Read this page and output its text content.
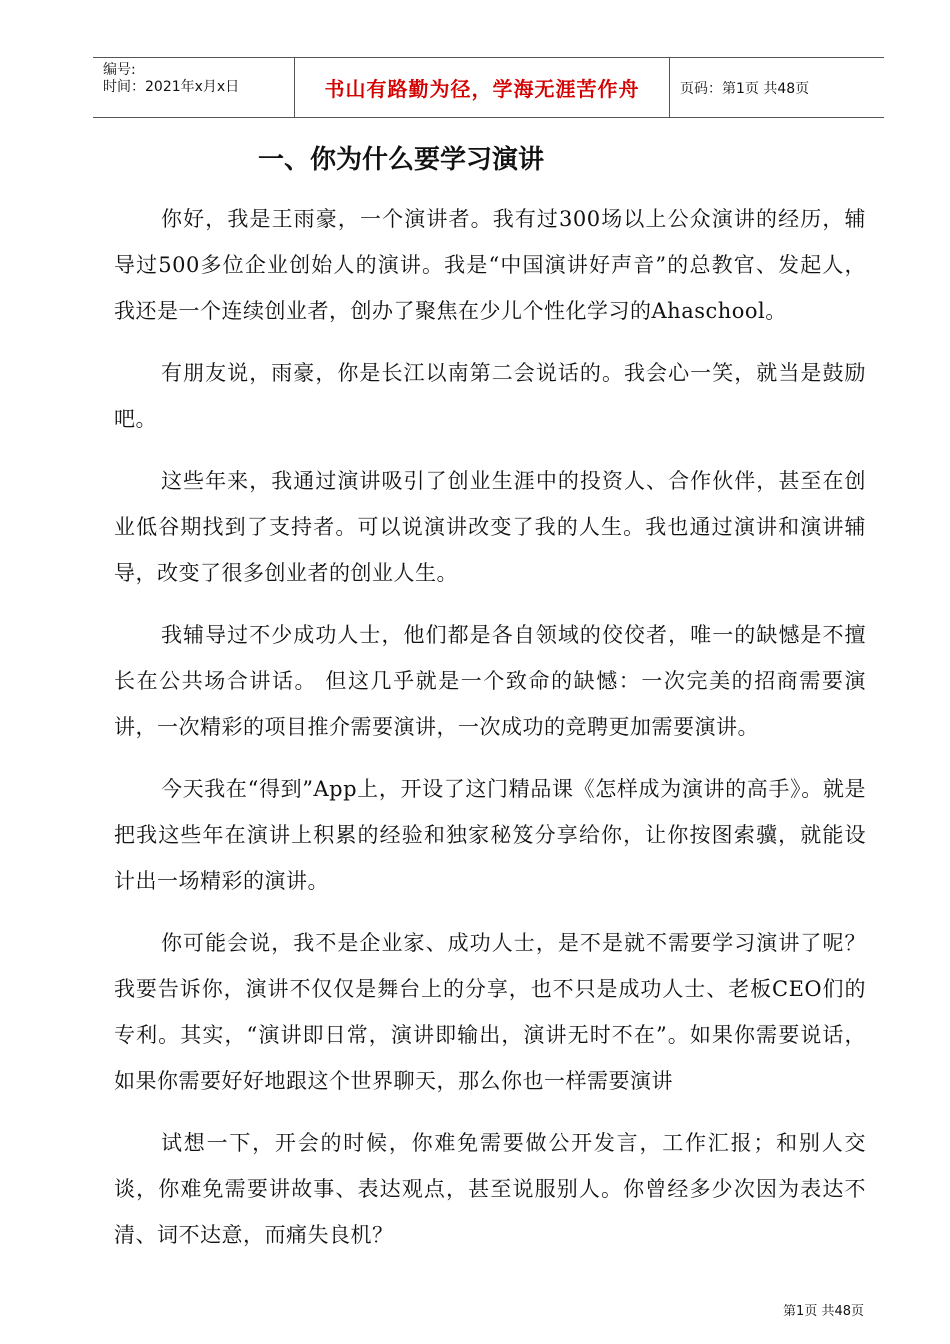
编号:
时间：2021年x月x日	书山有路勤为径，学海无涯苦作舟	页码：第1页 共48页
一、你为什么要学习演讲

你好，我是王雨豪，一个演讲者。我有过300场以上公众演讲的经历，辅导过500多位企业创始人的演讲。我是“中国演讲好声音”的总教官、发起人，我还是一个连续创业者，创办了聚焦在少儿个性化学习的Ahaschool。

有朋友说，雨豪，你是长江以南第二会说话的。我会心一笑，就当是鼓励吧。

这些年来，我通过演讲吸引了创业生涯中的投资人、合作伙伴，甚至在创业低谷期找到了支持者。可以说演讲改变了我的人生。我也通过演讲和演讲辅导，改变了很多创业者的创业人生。

我辅导过不少成功人士，他们都是各自领域的佼佼者，唯一的缺憾是不擅长在公共场合讲话。 但这几乎就是一个致命的缺憾：一次完美的招商需要演讲，一次精彩的项目推介需要演讲，一次成功的竞聘更加需要演讲。

今天我在“得到”App上，开设了这门精品课《怎样成为演讲的高手》。就是把我这些年在演讲上积累的经验和独家秘笈分享给你，让你按图索骥，就能设计出一场精彩的演讲。

你可能会说，我不是企业家、成功人士，是不是就不需要学习演讲了呢？我要告诉你，演讲不仅仅是舞台上的分享，也不只是成功人士、老板CEO们的专利。其实，“演讲即日常，演讲即输出，演讲无时不在”。如果你需要说话，如果你需要好好地跟这个世界聊天，那么你也一样需要演讲

试想一下，开会的时候，你难免需要做公开发言，工作汇报；和别人交谈，你难免需要讲故事、表达观点，甚至说服别人。你曾经多少次因为表达不清、词不达意，而痛失良机？

第1页 共48页
